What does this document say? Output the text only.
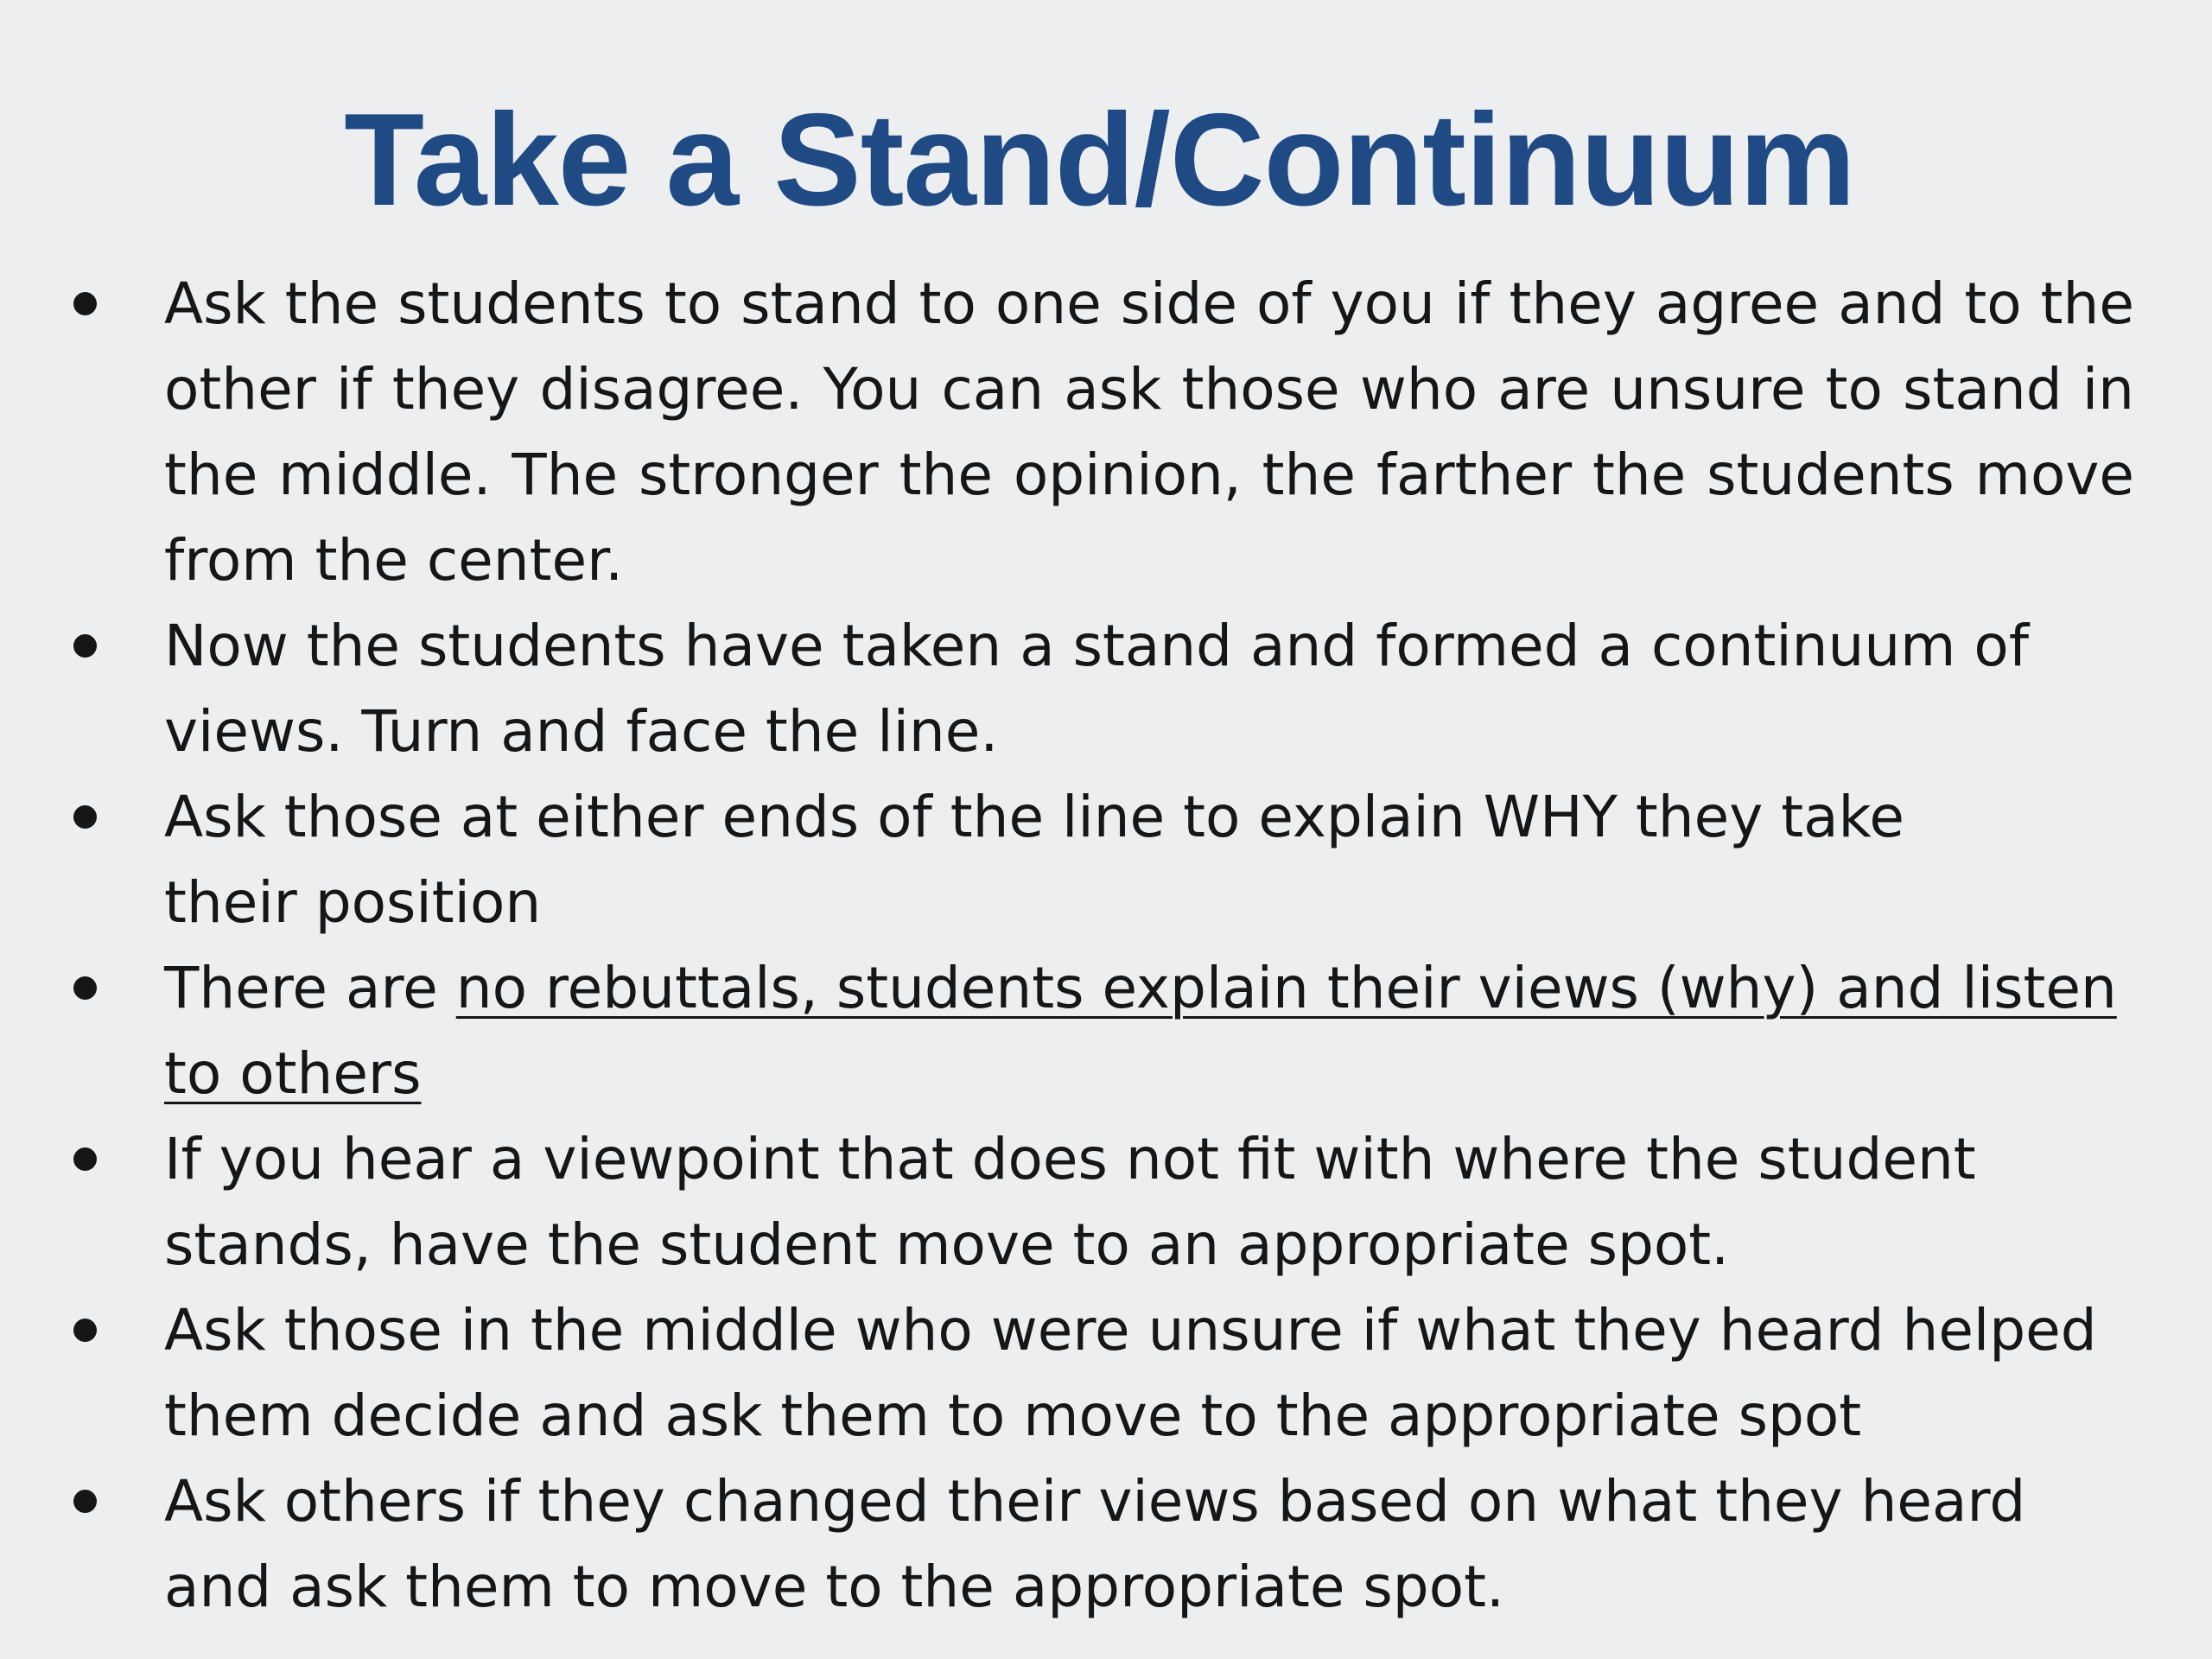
Take a Stand/Continuum
Ask the students to stand to one side of you if they agree and to the other if they disagree. You can ask those who are unsure to stand in the middle. The stronger the opinion, the farther the students move from the center.
Now the students have taken a stand and formed a continuum of views. Turn and face the line.
Ask those at either ends of the line to explain WHY they take
their position
There are no rebuttals, students explain their views (why) and listen to others
If you hear a viewpoint that does not fit with where the student stands, have the student move to an appropriate spot.
Ask those in the middle who were unsure if what they heard helped them decide and ask them to move to the appropriate spot
Ask others if they changed their views based on what they heard and ask them to move to the appropriate spot.
